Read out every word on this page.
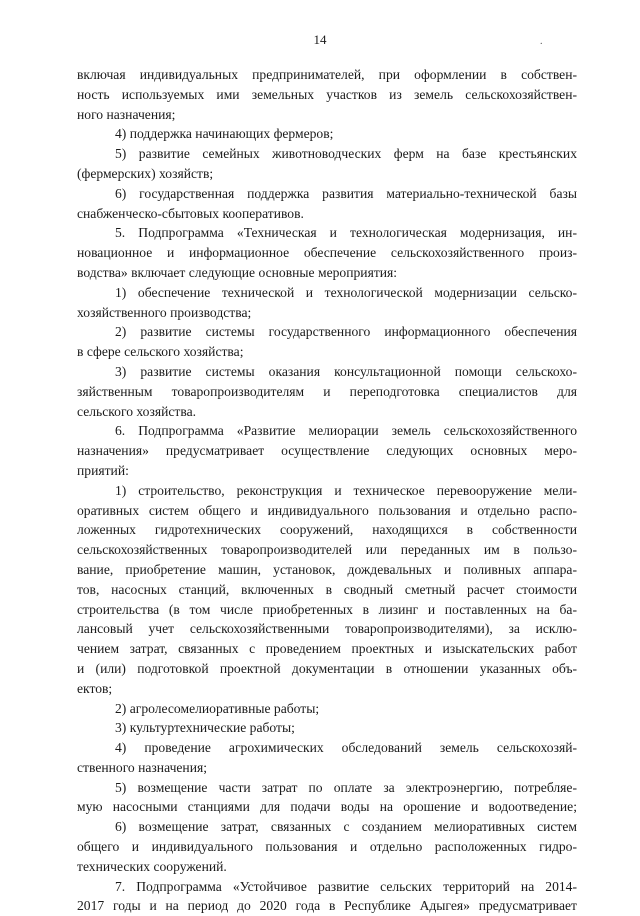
14	.
включая индивидуальных предпринимателей, при оформлении в собствен-
ность используемых ими земельных участков из земель сельскохозяйствен-
ного назначения;
4) поддержка начинающих фермеров;
5) развитие семейных животноводческих ферм на базе крестьянских
(фермерских) хозяйств;
6) государственная поддержка развития материально-технической базы
снабженческо-сбытовых кооперативов.
5. Подпрограмма «Техническая и технологическая модернизация, ин-
новационное и информационное обеспечение сельскохозяйственного произ-
водства» включает следующие основные мероприятия:
1) обеспечение технической и технологической модернизации сельско-
хозяйственного производства;
2) развитие системы государственного информационного обеспечения
в сфере сельского хозяйства;
3) развитие системы оказания консультационной помощи сельскохо-
зяйственным товаропроизводителям и переподготовка специалистов для
сельского хозяйства.
6. Подпрограмма «Развитие мелиорации земель сельскохозяйственного
назначения» предусматривает осуществление следующих основных меро-
приятий:
1) строительство, реконструкция и техническое перевооружение мели-
оративных систем общего и индивидуального пользования и отдельно распо-
ложенных гидротехнических сооружений, находящихся в собственности
сельскохозяйственных товаропроизводителей или переданных им в пользо-
вание, приобретение машин, установок, дождевальных и поливных аппара-
тов, насосных станций, включенных в сводный сметный расчет стоимости
строительства (в том числе приобретенных в лизинг и поставленных на ба-
лансовый учет сельскохозяйственными товаропроизводителями), за исклю-
чением затрат, связанных с проведением проектных и изыскательских работ
и (или) подготовкой проектной документации в отношении указанных объ-
ектов;
2) агролесомелиоративные работы;
3) культуртехнические работы;
4) проведение агрохимических обследований земель сельскохозяй-
ственного назначения;
5) возмещение части затрат по оплате за электроэнергию, потребляе-
мую насосными станциями для подачи воды на орошение и водоотведение;
6) возмещение затрат, связанных с созданием мелиоративных систем
общего и индивидуального пользования и отдельно расположенных гидро-
технических сооружений.
7. Подпрограмма «Устойчивое развитие сельских территорий на 2014-
2017 годы и на период до 2020 года в Республике Адыгея» предусматривает
